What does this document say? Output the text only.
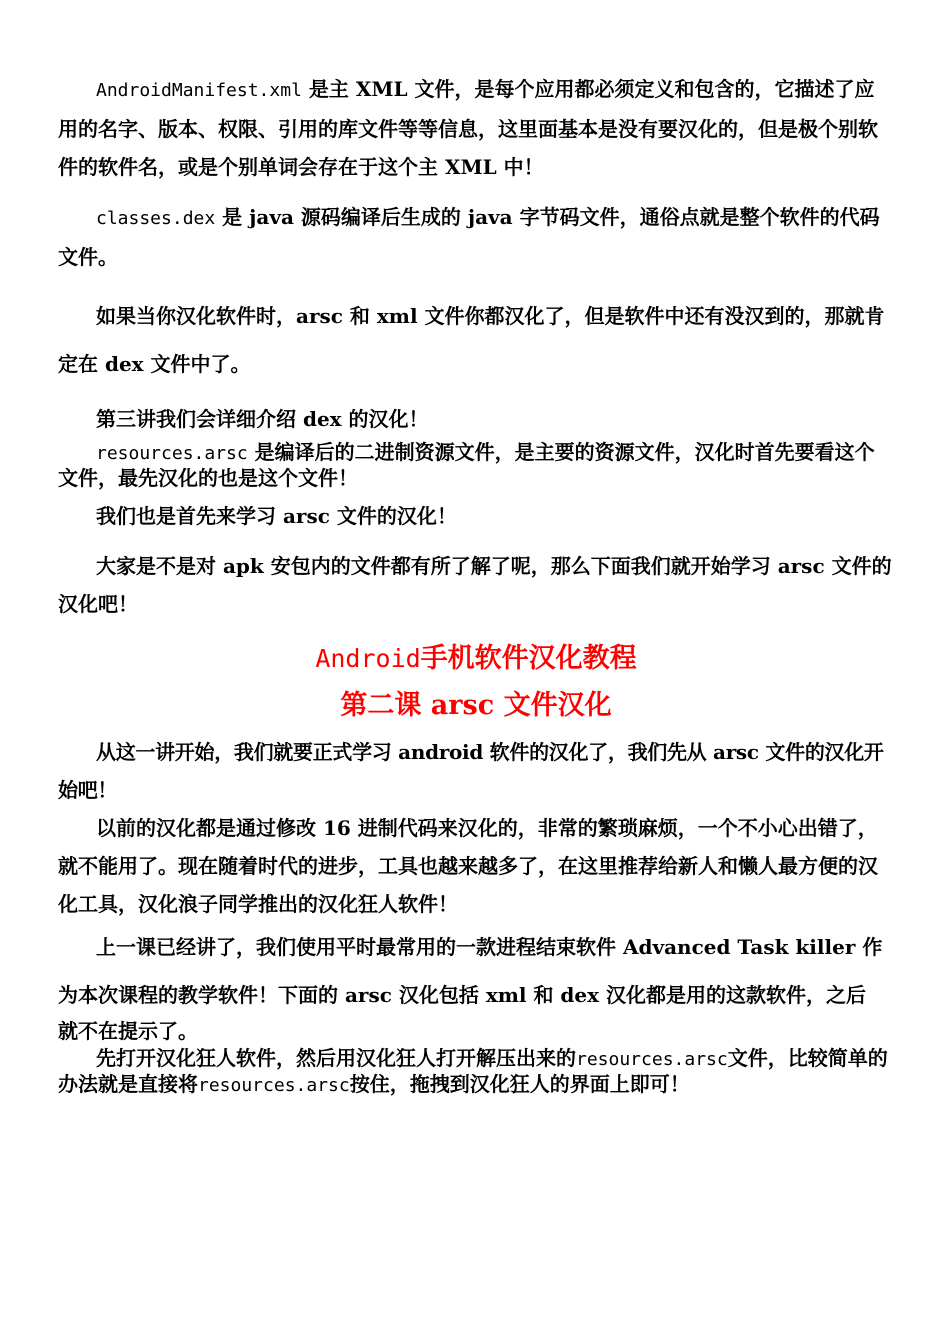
AndroidManifest.xml 是主 XML 文件，是每个应用都必须定义和包含的，它描述了应用的名字、版本、权限、引用的库文件等等信息，这里面基本是没有要汉化的，但是极个别软件的软件名，或是个别单词会存在于这个主 XML 中！

classes.dex 是 java 源码编译后生成的 java 字节码文件，通俗点就是整个软件的代码文件。

如果当你汉化软件时，arsc 和 xml 文件你都汉化了，但是软件中还有没汉到的，那就肯定在 dex 文件中了。

第三讲我们会详细介绍 dex 的汉化！

resources.arsc 是编译后的二进制资源文件，是主要的资源文件，汉化时首先要看这个文件，最先汉化的也是这个文件！

我们也是首先来学习 arsc 文件的汉化！

大家是不是对 apk 安包内的文件都有所了解了呢，那么下面我们就开始学习 arsc 文件的汉化吧！

Android手机软件汉化教程

第二课 arsc 文件汉化

从这一讲开始，我们就要正式学习 android 软件的汉化了，我们先从 arsc 文件的汉化开始吧！

以前的汉化都是通过修改 16 进制代码来汉化的，非常的繁琐麻烦，一个不小心出错了，就不能用了。现在随着时代的进步，工具也越来越多了，在这里推荐给新人和懒人最方便的汉化工具，汉化浪子同学推出的汉化狂人软件！

上一课已经讲了，我们使用平时最常用的一款进程结束软件 Advanced Task killer 作为本次课程的教学软件！下面的 arsc 汉化包括 xml 和 dex 汉化都是用的这款软件，之后

就不在提示了。

先打开汉化狂人软件，然后用汉化狂人打开解压出来的resources.arsc文件，比较简单的办法就是直接将resources.arsc按住，拖拽到汉化狂人的界面上即可！
